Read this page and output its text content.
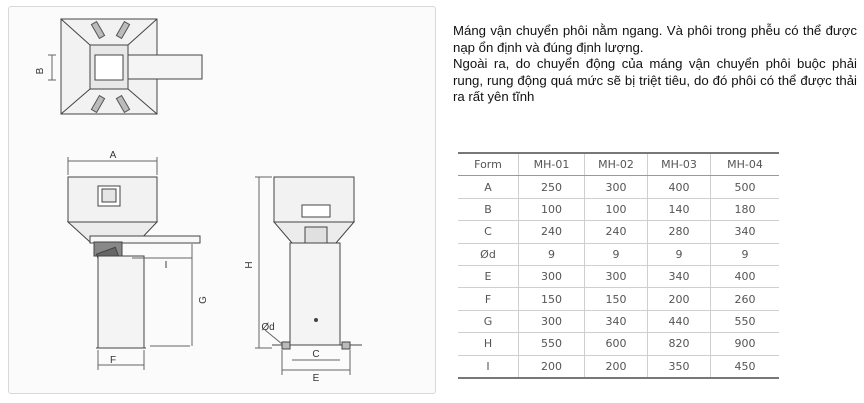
B
A
I
G
F
H
Ød
C
E

Máng vận chuyển phôi nằm ngang. Và phôi trong phễu có thể được nạp ổn định và đúng định lượng.

Ngoài ra, do chuyển động của máng vận chuyển phôi buộc phải rung, rung động quá mức sẽ bị triệt tiêu, do đó phôi có thể được thải ra rất yên tĩnh

Form	MH-01	MH-02	MH-03	MH-04
A	250	300	400	500
B	100	100	140	180
C	240	240	280	340
Ød	9	9	9	9
E	300	300	340	400
F	150	150	200	260
G	300	340	440	550
H	550	600	820	900
I	200	200	350	450
